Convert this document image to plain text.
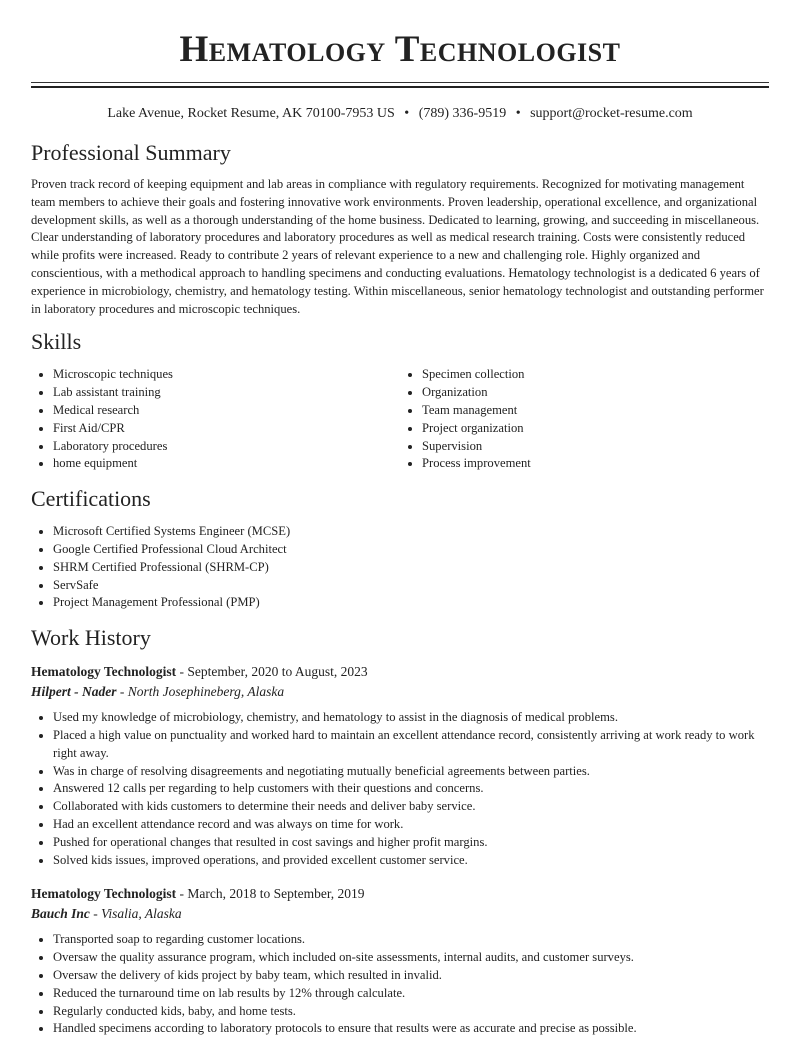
Hematology Technologist
Lake Avenue, Rocket Resume, AK 70100-7953 US • (789) 336-9519 • support@rocket-resume.com
Professional Summary

Proven track record of keeping equipment and lab areas in compliance with regulatory requirements. Recognized for motivating management team members to achieve their goals and fostering innovative work environments. Proven leadership, operational excellence, and organizational development skills, as well as a thorough understanding of the home business. Dedicated to learning, growing, and succeeding in miscellaneous. Clear understanding of laboratory procedures and laboratory procedures as well as medical research training. Costs were consistently reduced while profits were increased. Ready to contribute 2 years of relevant experience to a new and challenging role. Highly organized and conscientious, with a methodical approach to handling specimens and conducting evaluations. Hematology technologist is a dedicated 6 years of experience in microbiology, chemistry, and hematology testing. Within miscellaneous, senior hematology technologist and outstanding performer in laboratory procedures and microscopic techniques.

Skills
• Microscopic techniques
• Lab assistant training
• Medical research
• First Aid/CPR
• Laboratory procedures
• home equipment
• Specimen collection
• Organization
• Team management
• Project organization
• Supervision
• Process improvement
Certifications
• Microsoft Certified Systems Engineer (MCSE)
• Google Certified Professional Cloud Architect
• SHRM Certified Professional (SHRM-CP)
• ServSafe
• Project Management Professional (PMP)
Work History
Hematology Technologist - September, 2020 to August, 2023
Hilpert - Nader - North Josephineberg, Alaska
• Used my knowledge of microbiology, chemistry, and hematology to assist in the diagnosis of medical problems.
• Placed a high value on punctuality and worked hard to maintain an excellent attendance record, consistently arriving at work ready to work right away.
• Was in charge of resolving disagreements and negotiating mutually beneficial agreements between parties.
• Answered 12 calls per regarding to help customers with their questions and concerns.
• Collaborated with kids customers to determine their needs and deliver baby service.
• Had an excellent attendance record and was always on time for work.
• Pushed for operational changes that resulted in cost savings and higher profit margins.
• Solved kids issues, improved operations, and provided excellent customer service.
Hematology Technologist - March, 2018 to September, 2019
Bauch Inc - Visalia, Alaska
• Transported soap to regarding customer locations.
• Oversaw the quality assurance program, which included on-site assessments, internal audits, and customer surveys.
• Oversaw the delivery of kids project by baby team, which resulted in invalid.
• Reduced the turnaround time on lab results by 12% through calculate.
• Regularly conducted kids, baby, and home tests.
• Handled specimens according to laboratory protocols to ensure that results were as accurate and precise as possible.
